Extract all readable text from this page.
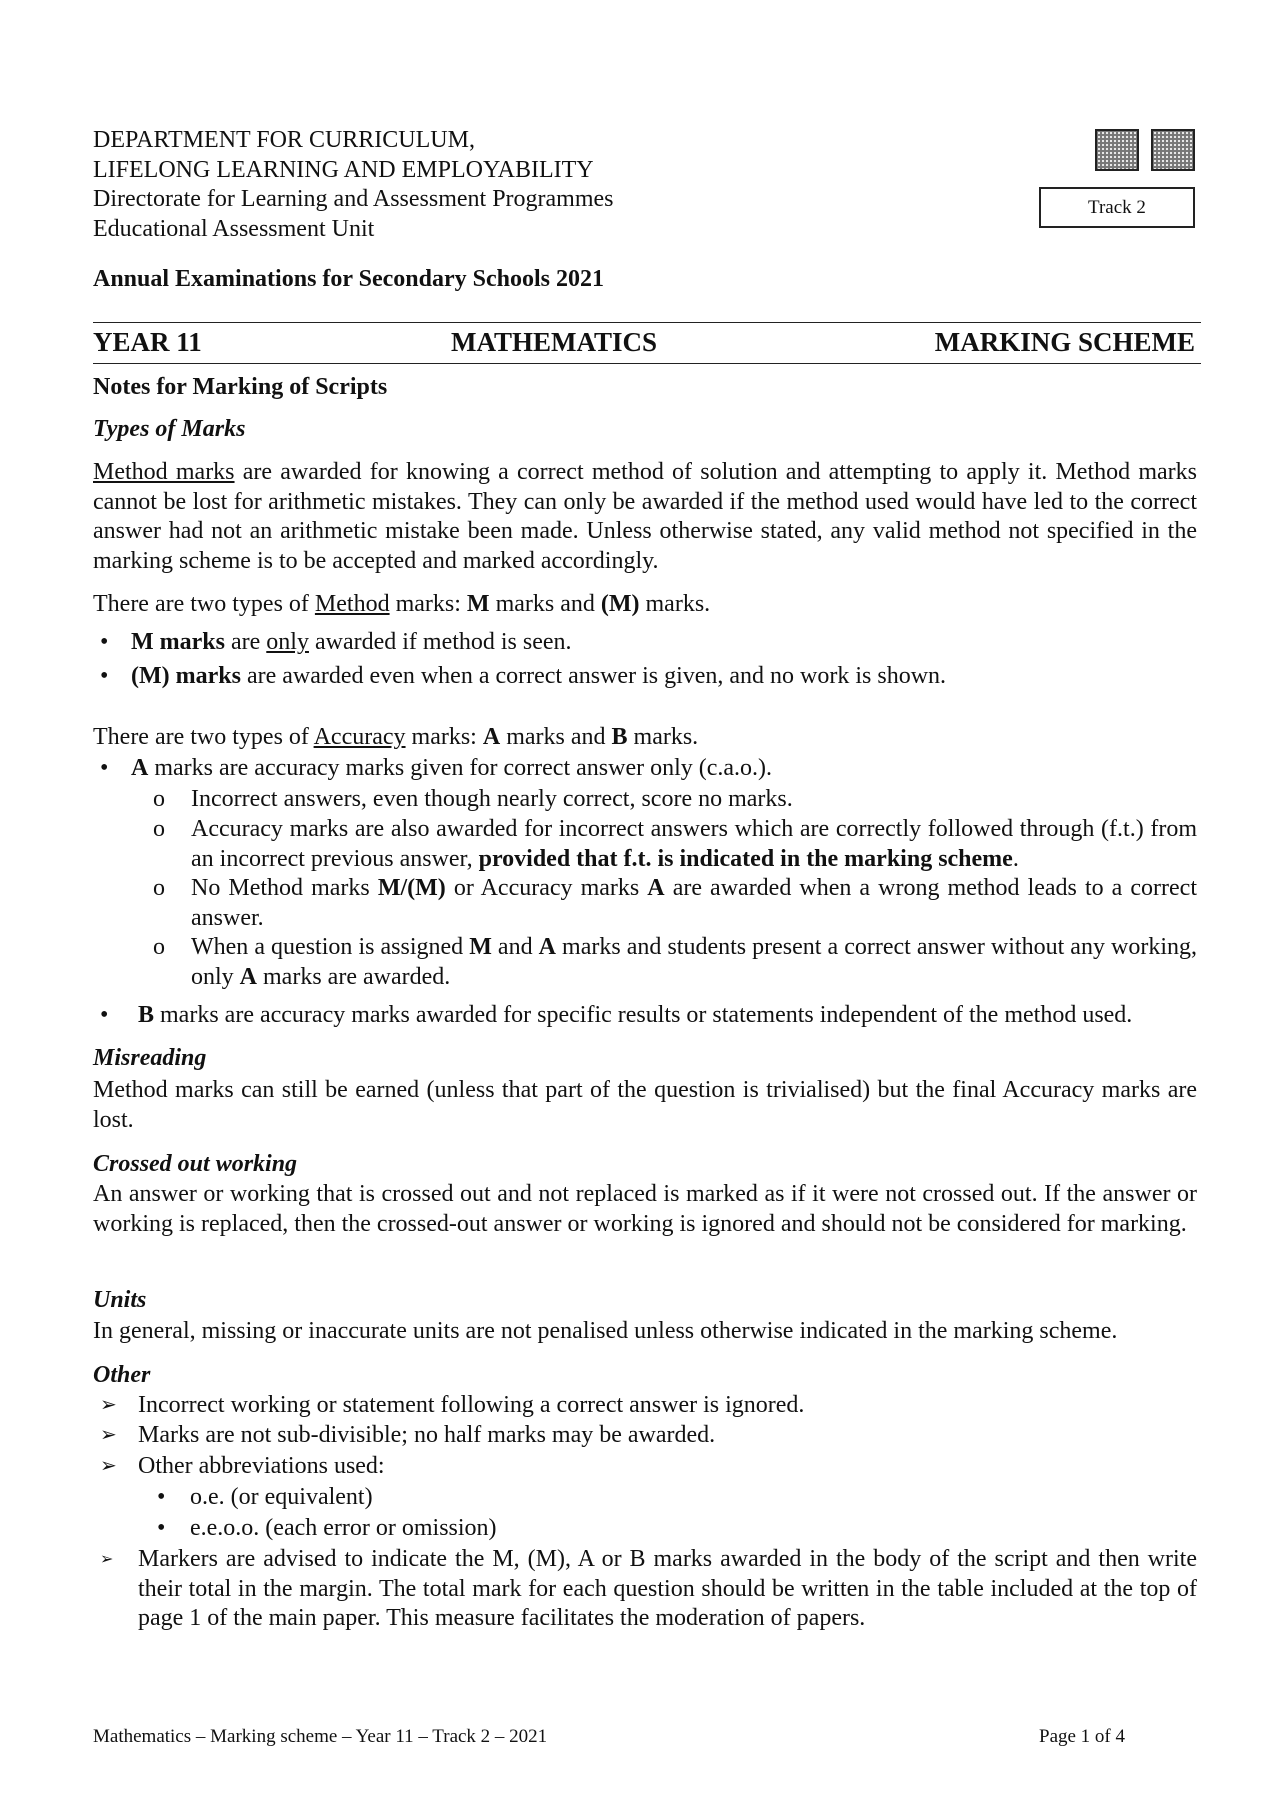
DEPARTMENT FOR CURRICULUM,
LIFELONG LEARNING AND EMPLOYABILITY
Directorate for Learning and Assessment Programmes
Educational Assessment Unit
Track 2
Annual Examinations for Secondary Schools 2021
YEAR 11	MATHEMATICS	MARKING SCHEME
Notes for Marking of Scripts
Types of Marks
Method marks are awarded for knowing a correct method of solution and attempting to apply it. Method marks cannot be lost for arithmetic mistakes. They can only be awarded if the method used would have led to the correct answer had not an arithmetic mistake been made. Unless otherwise stated, any valid method not specified in the marking scheme is to be accepted and marked accordingly.
There are two types of Method marks: M marks and (M) marks.
• M marks are only awarded if method is seen.
• (M) marks are awarded even when a correct answer is given, and no work is shown.
There are two types of Accuracy marks: A marks and B marks.
• A marks are accuracy marks given for correct answer only (c.a.o.).
o Incorrect answers, even though nearly correct, score no marks.
o Accuracy marks are also awarded for incorrect answers which are correctly followed through (f.t.) from an incorrect previous answer, provided that f.t. is indicated in the marking scheme.
o No Method marks M/(M) or Accuracy marks A are awarded when a wrong method leads to a correct answer.
o When a question is assigned M and A marks and students present a correct answer without any working, only A marks are awarded.
• B marks are accuracy marks awarded for specific results or statements independent of the method used.
Misreading
Method marks can still be earned (unless that part of the question is trivialised) but the final Accuracy marks are lost.
Crossed out working
An answer or working that is crossed out and not replaced is marked as if it were not crossed out. If the answer or working is replaced, then the crossed-out answer or working is ignored and should not be considered for marking.
Units
In general, missing or inaccurate units are not penalised unless otherwise indicated in the marking scheme.
Other
➢ Incorrect working or statement following a correct answer is ignored.
➢ Marks are not sub-divisible; no half marks may be awarded.
➢ Other abbreviations used:
• o.e. (or equivalent)
• e.e.o.o. (each error or omission)
➢ Markers are advised to indicate the M, (M), A or B marks awarded in the body of the script and then write their total in the margin. The total mark for each question should be written in the table included at the top of page 1 of the main paper. This measure facilitates the moderation of papers.
Mathematics – Marking scheme – Year 11 – Track 2 – 2021	Page 1 of 4
